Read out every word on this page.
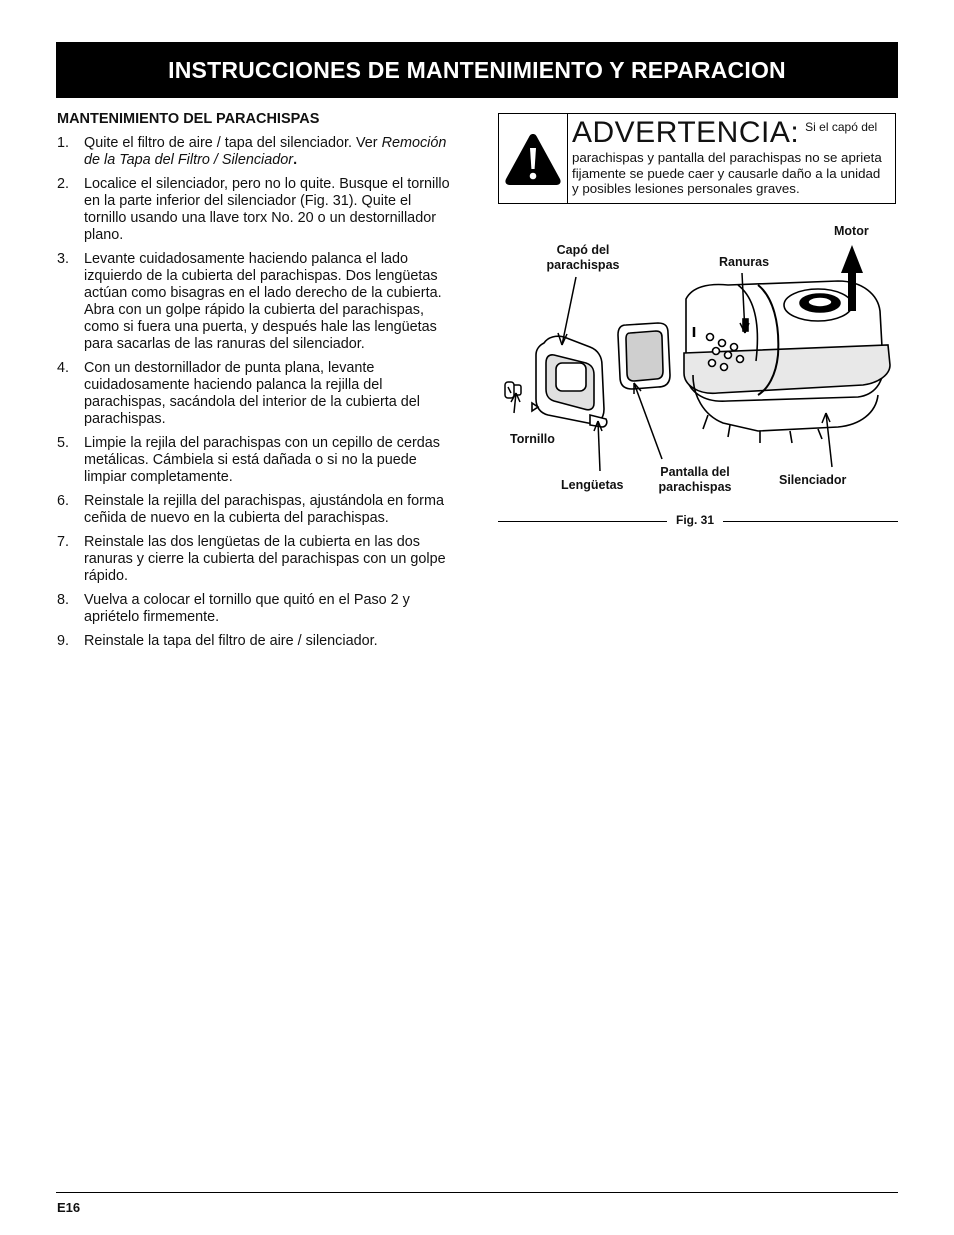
INSTRUCCIONES DE MANTENIMIENTO Y REPARACION
MANTENIMIENTO DEL PARACHISPAS
1.	Quite el filtro de aire / tapa del silenciador. Ver Remoción de la Tapa del Filtro / Silenciador.
2.	Localice el silenciador, pero no lo quite. Busque el tornillo en la parte inferior del silenciador (Fig. 31). Quite el tornillo usando una llave torx No. 20 o un destornillador plano.
3.	Levante cuidadosamente haciendo palanca el lado izquierdo de la cubierta del parachispas. Dos lengüetas actúan como bisagras en el lado derecho de la cubierta. Abra con un golpe rápido la cubierta del parachispas, como si fuera una puerta, y después hale las lengüetas para sacarlas de las ranuras del silenciador.
4.	Con un destornillador de punta plana, levante cuidadosamente haciendo palanca la rejilla del parachispas, sacándola del interior de la cubierta del parachispas.
5.	Limpie la rejila del parachispas con un cepillo de cerdas metálicas. Cámbiela si está dañada o si no la puede limpiar completamente.
6.	Reinstale la rejilla del parachispas, ajustándola en forma ceñida de nuevo en la cubierta del parachispas.
7.	Reinstale las dos lengüetas de la cubierta en las dos ranuras y cierre la cubierta del parachispas con un golpe rápido.
8.	Vuelva a colocar el tornillo que quitó en el Paso 2 y apriételo firmemente.
9.	Reinstale la tapa del filtro de aire / silenciador.
ADVERTENCIA: Si el capó del
parachispas y pantalla del parachispas no se aprieta fijamente se puede caer y causarle daño a la unidad y posibles lesiones personales graves.
Motor
Ranuras
Capó del
parachispas
Tornillo
Lengüetas
Pantalla del
parachispas	Silenciador
Fig. 31
E16
